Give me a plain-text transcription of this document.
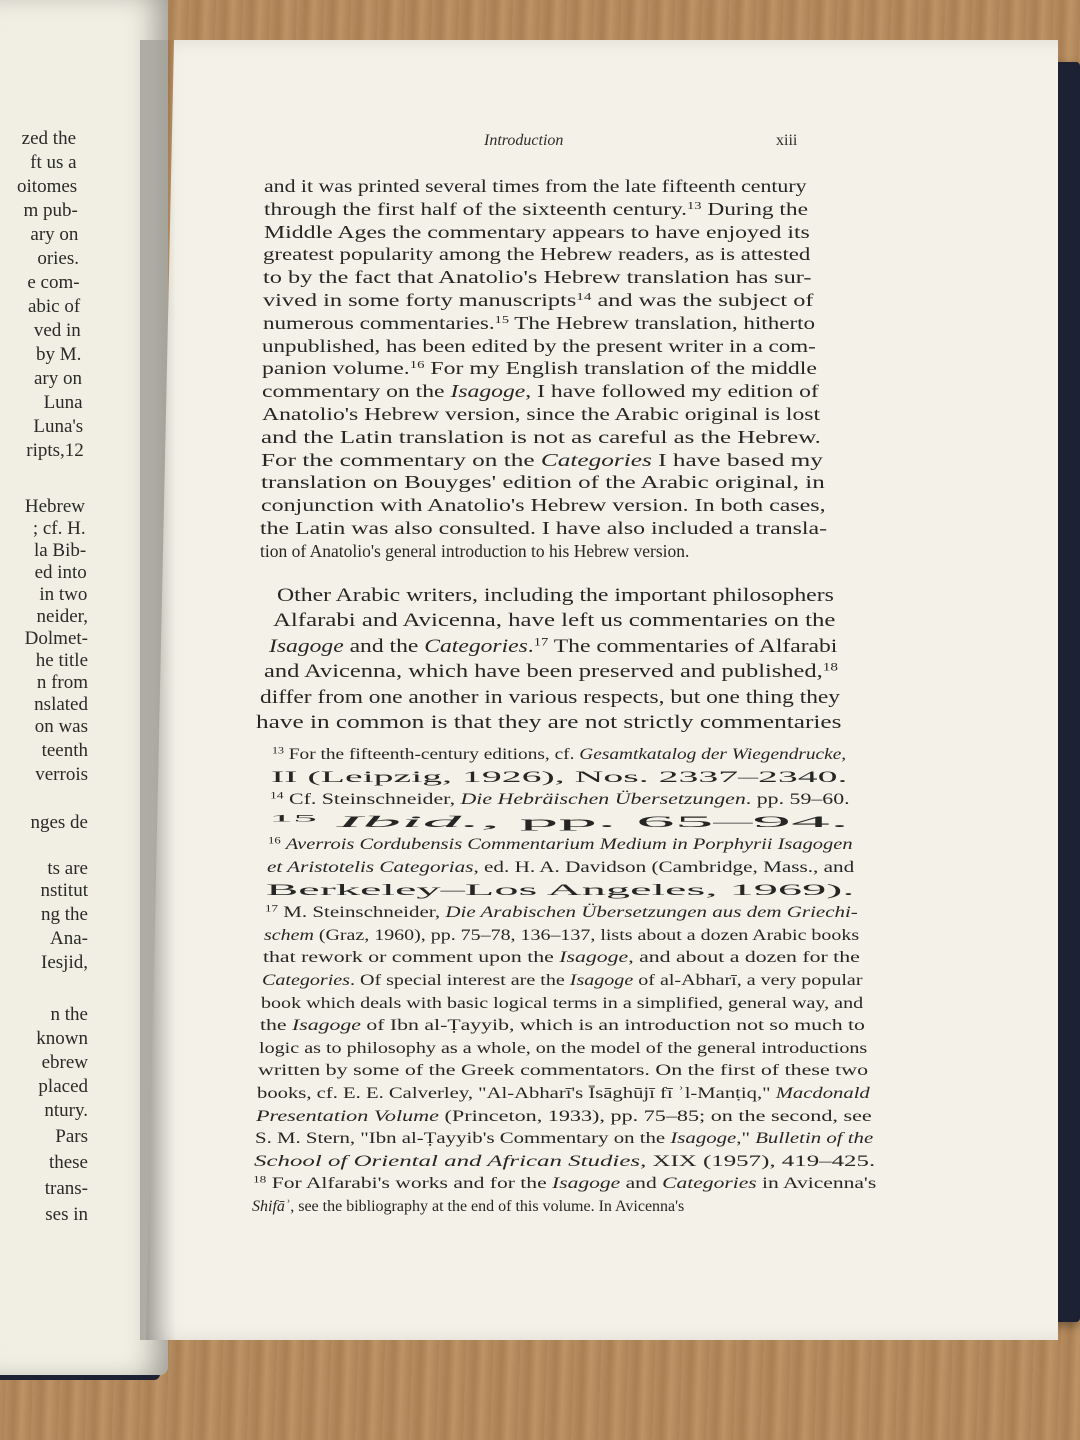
zed the
ft us a
oitomes
m pub-
ary on
ories.
e com-
abic of
ved in
by M.
ary on
Luna
Luna's
ripts,12
Hebrew
; cf. H.
la Bib-
ed into
in two
neider,
Dolmet-
he title
n from
nslated
on was
teenth
verrois
nges de
ts are
nstitut
ng the
Ana-
Iesjid,
n the
known
ebrew
placed
ntury.
Pars
these
trans-
ses in
Introduction	xiii
and it was printed several times from the late fifteenth century
through the first half of the sixteenth century.$^{13}$ During the
Middle Ages the commentary appears to have enjoyed its
greatest popularity among the Hebrew readers, as is attested
to by the fact that Anatolio's Hebrew translation has sur-
vived in some forty manuscripts$^{14}$ and was the subject of
numerous commentaries.$^{15}$ The Hebrew translation, hitherto
unpublished, has been edited by the present writer in a com-
panion volume.$^{16}$ For my English translation of the middle
commentary on the Isagoge, I have followed my edition of
Anatolio's Hebrew version, since the Arabic original is lost
and the Latin translation is not as careful as the Hebrew.
For the commentary on the Categories I have based my
translation on Bouyges' edition of the Arabic original, in
conjunction with Anatolio's Hebrew version. In both cases,
the Latin was also consulted. I have also included a transla-
tion of Anatolio's general introduction to his Hebrew version.
Other Arabic writers, including the important philosophers
Alfarabi and Avicenna, have left us commentaries on the
Isagoge and the Categories.$^{17}$ The commentaries of Alfarabi
and Avicenna, which have been preserved and published,$^{18}$
differ from one another in various respects, but one thing they
have in common is that they are not strictly commentaries
$^{13}$ For the fifteenth-century editions, cf. Gesamtkatalog der Wiegendrucke,
II (Leipzig, 1926), Nos. 2337–2340.
$^{14}$ Cf. Steinschneider, Die Hebräischen Übersetzungen. pp. 59–60.
$^{15}$ Ibid., pp. 65–94.
$^{16}$ Averrois Cordubensis Commentarium Medium in Porphyrii Isagogen
et Aristotelis Categorias, ed. H. A. Davidson (Cambridge, Mass., and
Berkeley–Los Angeles, 1969).
$^{17}$ M. Steinschneider, Die Arabischen Übersetzungen aus dem Griechi-
schem (Graz, 1960), pp. 75–78, 136–137, lists about a dozen Arabic books
that rework or comment upon the Isagoge, and about a dozen for the
Categories. Of special interest are the Isagoge of al-Abharī, a very popular
book which deals with basic logical terms in a simplified, general way, and
the Isagoge of Ibn al-Ṭayyib, which is an introduction not so much to
logic as to philosophy as a whole, on the model of the general introductions
written by some of the Greek commentators. On the first of these two
books, cf. E. E. Calverley, "Al-Abharī's Īsāghūjī fī ʾl-Manṭiq," Macdonald
Presentation Volume (Princeton, 1933), pp. 75–85; on the second, see
S. M. Stern, "Ibn al-Ṭayyib's Commentary on the Isagoge," Bulletin of the
School of Oriental and African Studies, XIX (1957), 419–425.
$^{18}$ For Alfarabi's works and for the Isagoge and Categories in Avicenna's
Shifāʾ, see the bibliography at the end of this volume. In Avicenna's
